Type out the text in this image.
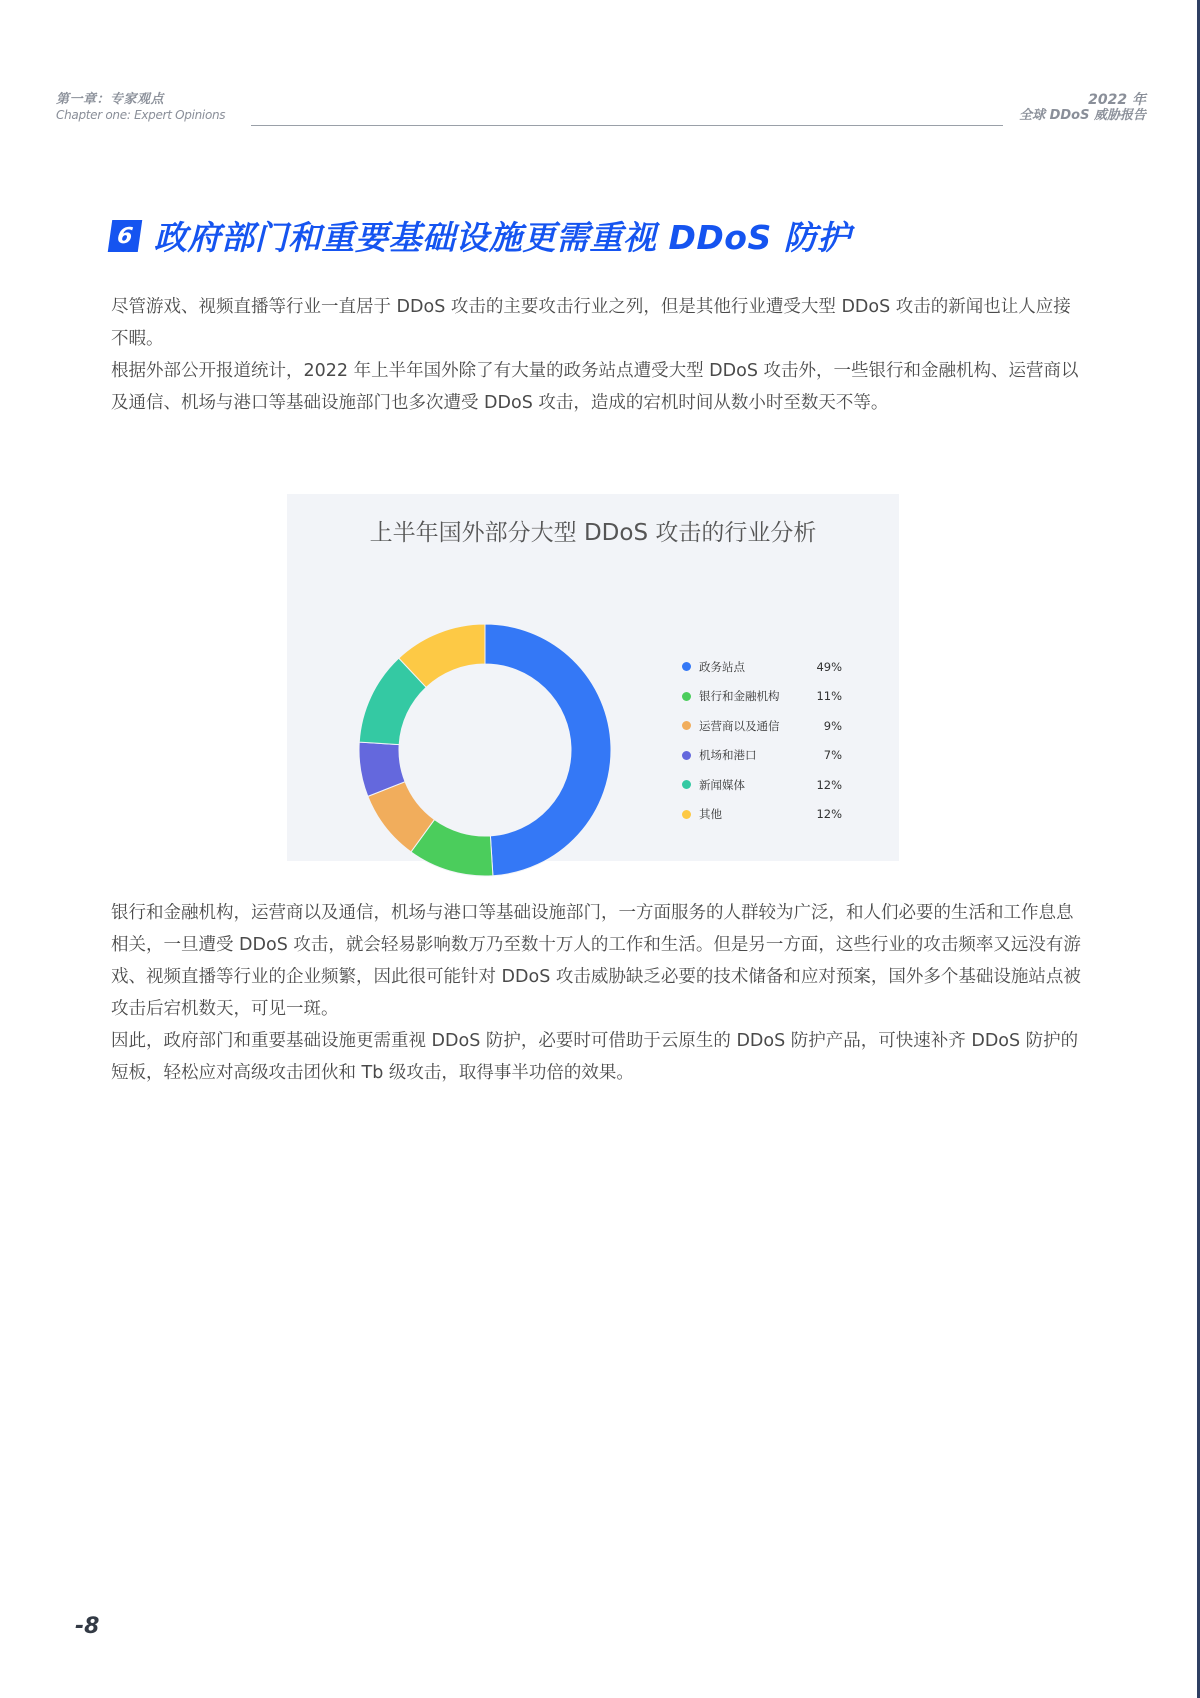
第一章：专家观点
Chapter one: Expert Opinions
2022 年
全球 DDoS 威胁报告
6 政府部门和重要基础设施更需重视 DDoS 防护
尽管游戏、视频直播等行业一直居于 DDoS 攻击的主要攻击行业之列，但是其他行业遭受大型 DDoS 攻击的新闻也让人应接不暇。
根据外部公开报道统计，2022 年上半年国外除了有大量的政务站点遭受大型 DDoS 攻击外，一些银行和金融机构、运营商以及通信、机场与港口等基础设施部门也多次遭受 DDoS 攻击，造成的宕机时间从数小时至数天不等。
上半年国外部分大型 DDoS 攻击的行业分析
政务站点	49%
银行和金融机构	11%
运营商以及通信	9%
机场和港口	7%
新闻媒体	12%
其他	12%
银行和金融机构，运营商以及通信，机场与港口等基础设施部门，一方面服务的人群较为广泛，和人们必要的生活和工作息息相关，一旦遭受 DDoS 攻击，就会轻易影响数万乃至数十万人的工作和生活。但是另一方面，这些行业的攻击频率又远没有游戏、视频直播等行业的企业频繁，因此很可能针对 DDoS 攻击威胁缺乏必要的技术储备和应对预案，国外多个基础设施站点被攻击后宕机数天，可见一斑。
因此，政府部门和重要基础设施更需重视 DDoS 防护，必要时可借助于云原生的 DDoS 防护产品，可快速补齐 DDoS 防护的短板，轻松应对高级攻击团伙和 Tb 级攻击，取得事半功倍的效果。
-8
